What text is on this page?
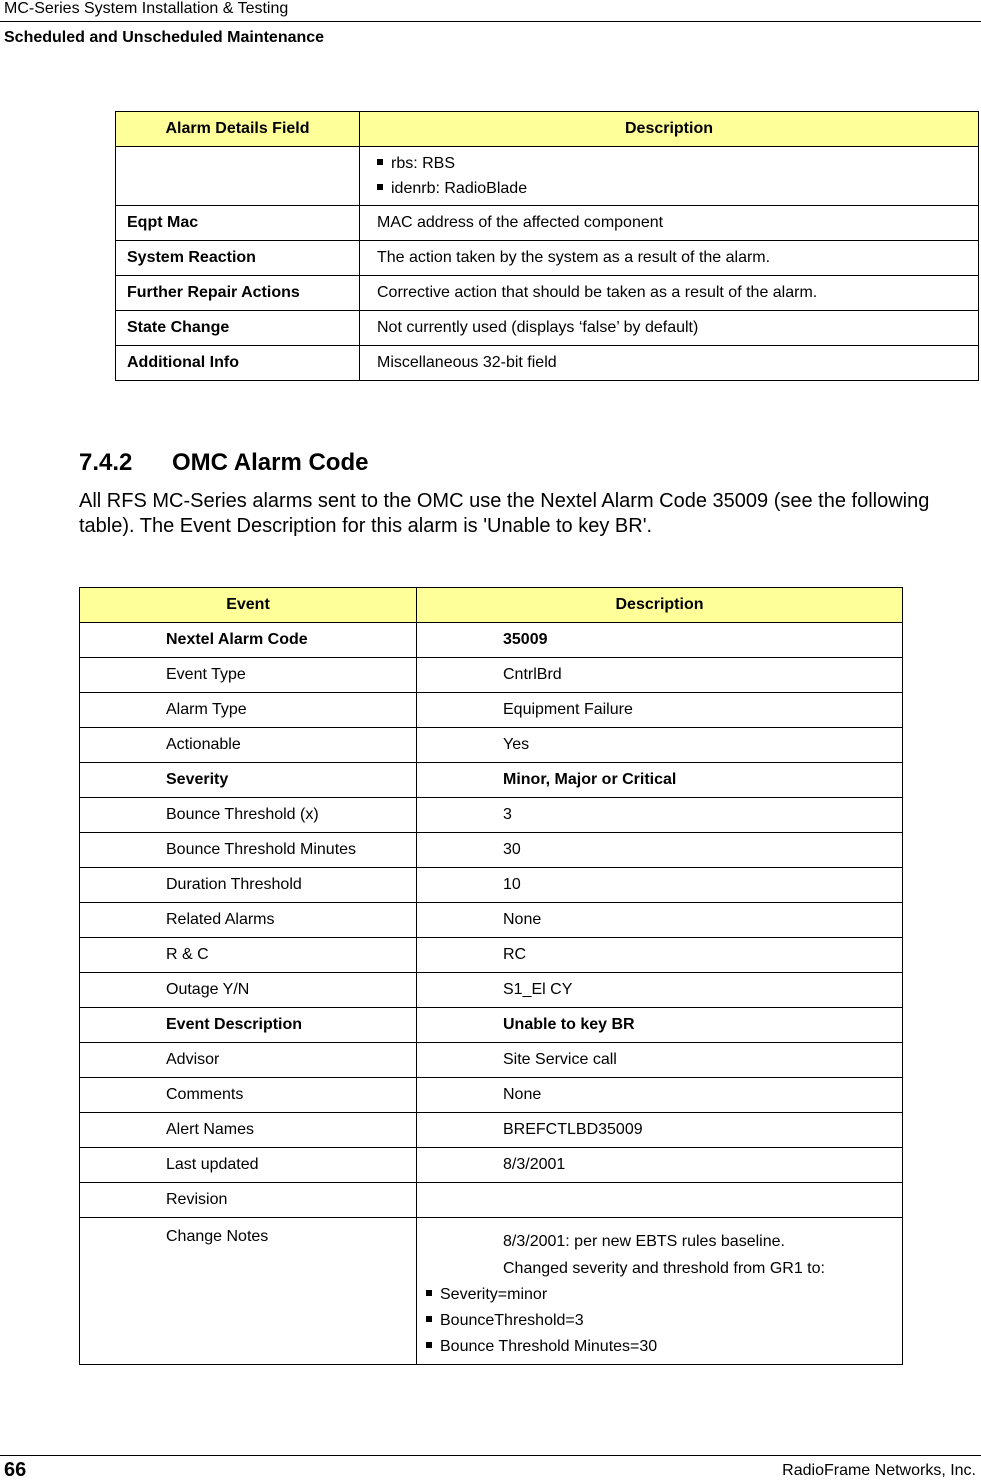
MC-Series System Installation & Testing
Scheduled and Unscheduled Maintenance
Alarm Details Field	Description

	rbs: RBS
idenrb: RadioBlade

Eqpt Mac	MAC address of the affected component
System Reaction	The action taken by the system as a result of the alarm.
Further Repair Actions	Corrective action that should be taken as a result of the alarm.
State Change	Not currently used (displays ‘false’ by default)
Additional Info	Miscellaneous 32-bit field
7.4.2 OMC Alarm Code
All RFS MC-Series alarms sent to the OMC use the Nextel Alarm Code 35009 (see the following table). The Event Description for this alarm is 'Unable to key BR'.
Event	Description
Nextel Alarm Code	35009
Event Type	CntrlBrd
Alarm Type	Equipment Failure
Actionable	Yes
Severity	Minor, Major or Critical
Bounce Threshold (x)	3
Bounce Threshold Minutes	30
Duration Threshold	10
Related Alarms	None
R & C	RC
Outage Y/N	S1_El CY
Event Description	Unable to key BR
Advisor	Site Service call
Comments	None
Alert Names	BREFCTLBD35009
Last updated	8/3/2001
Revision	
Change Notes	8/3/2001: per new EBTS rules baseline.
Changed severity and threshold from GR1 to:
Severity=minor
BounceThreshold=3
Bounce Threshold Minutes=30
66	RadioFrame Networks, Inc.
